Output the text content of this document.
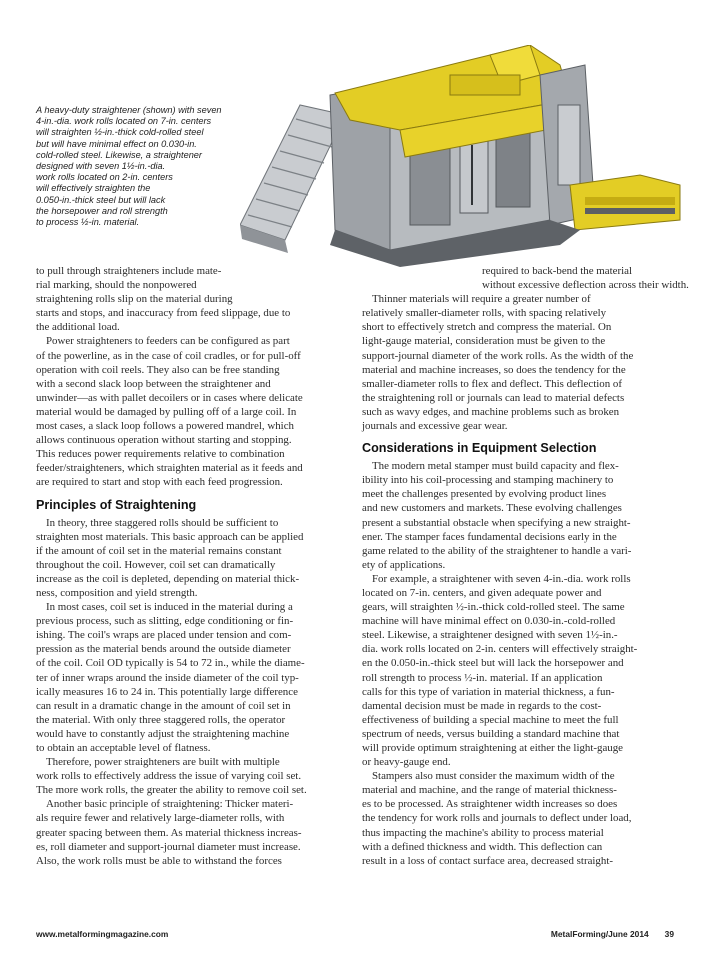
A heavy-duty straightener (shown) with seven
4-in.-dia. work rolls located on 7-in. centers
will straighten ½-in.-thick cold-rolled steel
but will have minimal effect on 0.030-in.
cold-rolled steel. Likewise, a straightener
designed with seven 1½-in.-dia.
work rolls located on 2-in. centers
will effectively straighten the
0.050-in.-thick steel but will lack
the horsepower and roll strength
to process ½-in. material.
to pull through straighteners include mate-
rial marking, should the nonpowered
straightening rolls slip on the material during
starts and stops, and inaccuracy from feed slippage, due to
the additional load.
Power straighteners to feeders can be configured as part
of the powerline, as in the case of coil cradles, or for pull-off
operation with coil reels. They also can be free standing
with a second slack loop between the straightener and
unwinder—as with pallet decoilers or in cases where delicate
material would be damaged by pulling off of a large coil. In
most cases, a slack loop follows a powered mandrel, which
allows continuous operation without starting and stopping.
This reduces power requirements relative to combination
feeder/straighteners, which straighten material as it feeds and
are required to start and stop with each feed progression.
Principles of Straightening
In theory, three staggered rolls should be sufficient to
straighten most materials. This basic approach can be applied
if the amount of coil set in the material remains constant
throughout the coil. However, coil set can dramatically
increase as the coil is depleted, depending on material thick-
ness, composition and yield strength.
In most cases, coil set is induced in the material during a
previous process, such as slitting, edge conditioning or fin-
ishing. The coil's wraps are placed under tension and com-
pression as the material bends around the outside diameter
of the coil. Coil OD typically is 54 to 72 in., while the diame-
ter of inner wraps around the inside diameter of the coil typ-
ically measures 16 to 24 in. This potentially large difference
can result in a dramatic change in the amount of coil set in
the material. With only three staggered rolls, the operator
would have to constantly adjust the straightening machine
to obtain an acceptable level of flatness.
Therefore, power straighteners are built with multiple
work rolls to effectively address the issue of varying coil set.
The more work rolls, the greater the ability to remove coil set.
Another basic principle of straightening: Thicker materi-
als require fewer and relatively large-diameter rolls, with
greater spacing between them. As material thickness increas-
es, roll diameter and support-journal diameter must increase.
Also, the work rolls must be able to withstand the forces
required to back-bend the material
without excessive deflection across their width.
Thinner materials will require a greater number of
relatively smaller-diameter rolls, with spacing relatively
short to effectively stretch and compress the material. On
light-gauge material, consideration must be given to the
support-journal diameter of the work rolls. As the width of the
material and machine increases, so does the tendency for the
smaller-diameter rolls to flex and deflect. This deflection of
the straightening roll or journals can lead to material defects
such as wavy edges, and machine problems such as broken
journals and excessive gear wear.
Considerations in Equipment Selection
The modern metal stamper must build capacity and flex-
ibility into his coil-processing and stamping machinery to
meet the challenges presented by evolving product lines
and new customers and markets. These evolving challenges
present a substantial obstacle when specifying a new straight-
ener. The stamper faces fundamental decisions early in the
game related to the ability of the straightener to handle a vari-
ety of applications.
For example, a straightener with seven 4-in.-dia. work rolls
located on 7-in. centers, and given adequate power and
gears, will straighten ½-in.-thick cold-rolled steel. The same
machine will have minimal effect on 0.030-in.-cold-rolled
steel. Likewise, a straightener designed with seven 1½-in.-
dia. work rolls located on 2-in. centers will effectively straight-
en the 0.050-in.-thick steel but will lack the horsepower and
roll strength to process ½-in. material. If an application
calls for this type of variation in material thickness, a fun-
damental decision must be made in regards to the cost-
effectiveness of building a special machine to meet the full
spectrum of needs, versus building a standard machine that
will provide optimum straightening at either the light-gauge
or heavy-gauge end.
Stampers also must consider the maximum width of the
material and machine, and the range of material thickness-
es to be processed. As straightener width increases so does
the tendency for work rolls and journals to deflect under load,
thus impacting the machine's ability to process material
with a defined thickness and width. This deflection can
result in a loss of contact surface area, decreased straight-
www.metalformingmagazine.com	MetalForming/June 2014 39
